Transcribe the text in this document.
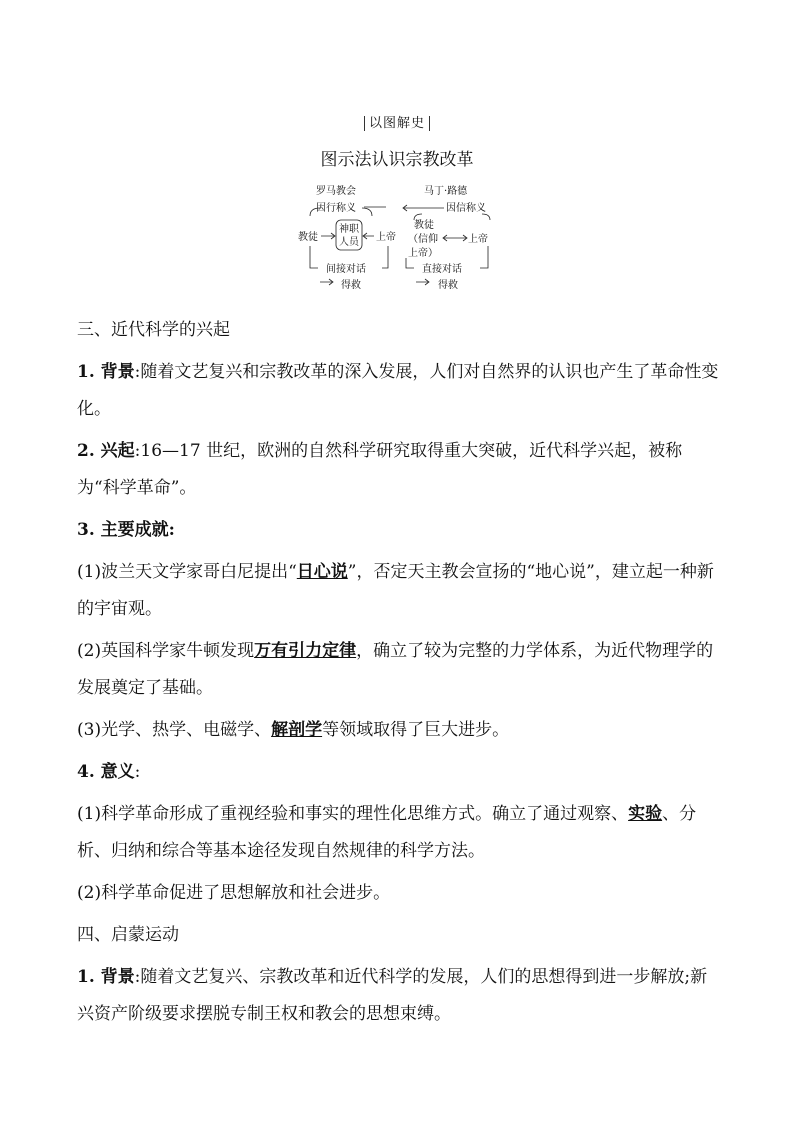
以图解史
图示法认识宗教改革
罗马教会
因行称义
教徒
神职
人员 上帝
间接对话
得救
马丁·路德
因信称义
教徒
（信仰	上帝
上帝）
直接对话
得救

三、近代科学的兴起

1. 背景:随着文艺复兴和宗教改革的深入发展，人们对自然界的认识也产生了革命性变化。

2. 兴起:16—17 世纪，欧洲的自然科学研究取得重大突破，近代科学兴起，被称为“科学革命”。

3. 主要成就:

(1)波兰天文学家哥白尼提出“日心说”，否定天主教会宣扬的“地心说”，建立起一种新的宇宙观。

(2)英国科学家牛顿发现万有引力定律，确立了较为完整的力学体系，为近代物理学的发展奠定了基础。

(3)光学、热学、电磁学、解剖学等领域取得了巨大进步。

4. 意义:

(1)科学革命形成了重视经验和事实的理性化思维方式。确立了通过观察、实验、分析、归纳和综合等基本途径发现自然规律的科学方法。

(2)科学革命促进了思想解放和社会进步。

四、启蒙运动

1. 背景:随着文艺复兴、宗教改革和近代科学的发展，人们的思想得到进一步解放;新兴资产阶级要求摆脱专制王权和教会的思想束缚。
